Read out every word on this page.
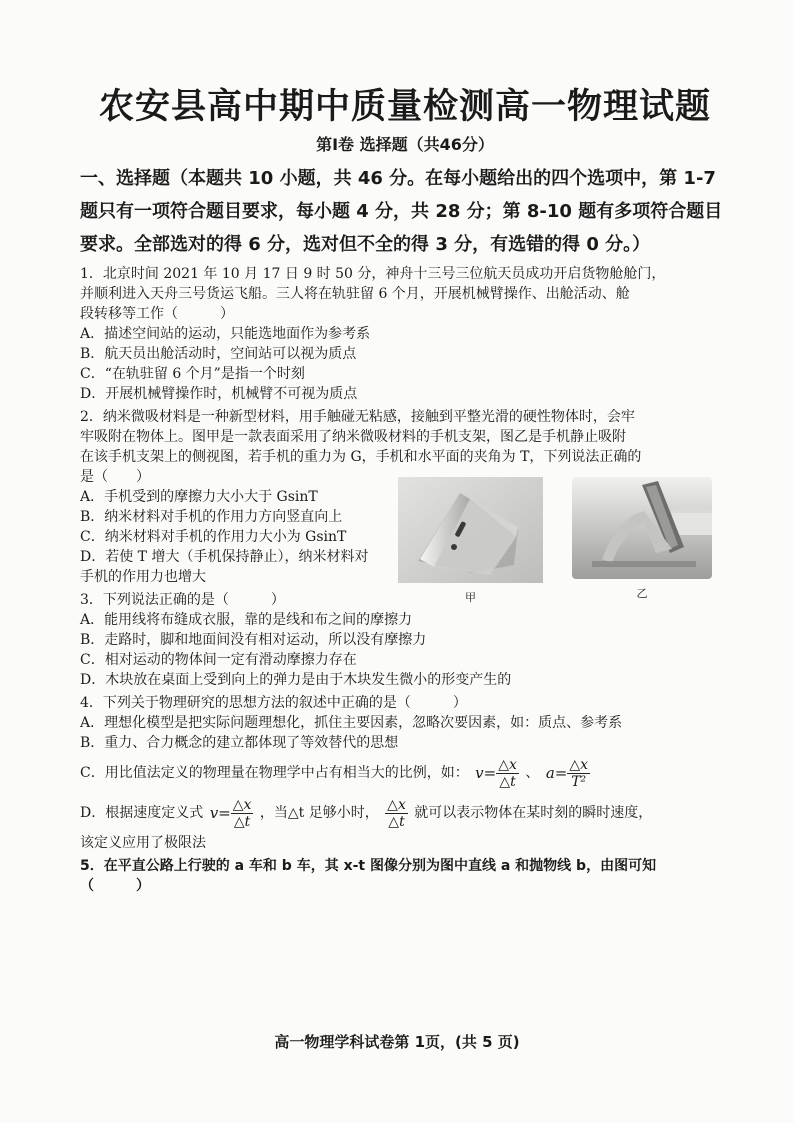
农安县高中期中质量检测高一物理试题
第Ⅰ卷 选择题（共46分）
一、选择题（本题共 10 小题，共 46 分。在每小题给出的四个选项中，第 1-7
题只有一项符合题目要求，每小题 4 分，共 28 分；第 8-10 题有多项符合题目
要求。全部选对的得 6 分，选对但不全的得 3 分，有选错的得 0 分。）
1．北京时间 2021 年 10 月 17 日 9 时 50 分，神舟十三号三位航天员成功开启货物舱舱门，
并顺利进入天舟三号货运飞船。三人将在轨驻留 6 个月，开展机械臂操作、出舱活动、舱
段转移等工作（　　　）
A．描述空间站的运动，只能选地面作为参考系
B．航天员出舱活动时，空间站可以视为质点
C．“在轨驻留 6 个月”是指一个时刻
D．开展机械臂操作时，机械臂不可视为质点
2．纳米微吸材料是一种新型材料，用手触碰无粘感，接触到平整光滑的硬性物体时，会牢
牢吸附在物体上。图甲是一款表面采用了纳米微吸材料的手机支架，图乙是手机静止吸附
在该手机支架上的侧视图，若手机的重力为 G，手机和水平面的夹角为 T，下列说法正确的
是（　　）
A．手机受到的摩擦力大小大于 GsinT
B．纳米材料对手机的作用力方向竖直向上
C．纳米材料对手机的作用力大小为 GsinT
D．若使 T 增大（手机保持静止），纳米材料对
手机的作用力也增大
甲	乙
3．下列说法正确的是（　　　）
A．能用线将布缝成衣服，靠的是线和布之间的摩擦力
B．走路时，脚和地面间没有相对运动，所以没有摩擦力
C．相对运动的物体间一定有滑动摩擦力存在
D．木块放在桌面上受到向上的弹力是由于木块发生微小的形变产生的
4．下列关于物理研究的思想方法的叙述中正确的是（　　　）
A．理想化模型是把实际问题理想化，抓住主要因素，忽略次要因素，如：质点、参考系
B．重力、合力概念的建立都体现了等效替代的思想
C．用比值法定义的物理量在物理学中占有相当大的比例，如： $v = \frac{\triangle x}{\triangle t}$ 、 $a = \frac{\triangle x}{\text{T²}}$
D．根据速度定义式 $v = \frac{\triangle x}{\triangle t}$ ，当△t 足够小时， $\frac{\triangle x}{\triangle t}$ 就可以表示物体在某时刻的瞬时速度，
该定义应用了极限法
5．在平直公路上行驶的 a 车和 b 车，其 x-t 图像分别为图中直线 a 和抛物线 b，由图可知
（　　　）
高一物理学科试卷第 1页，(共 5 页)
